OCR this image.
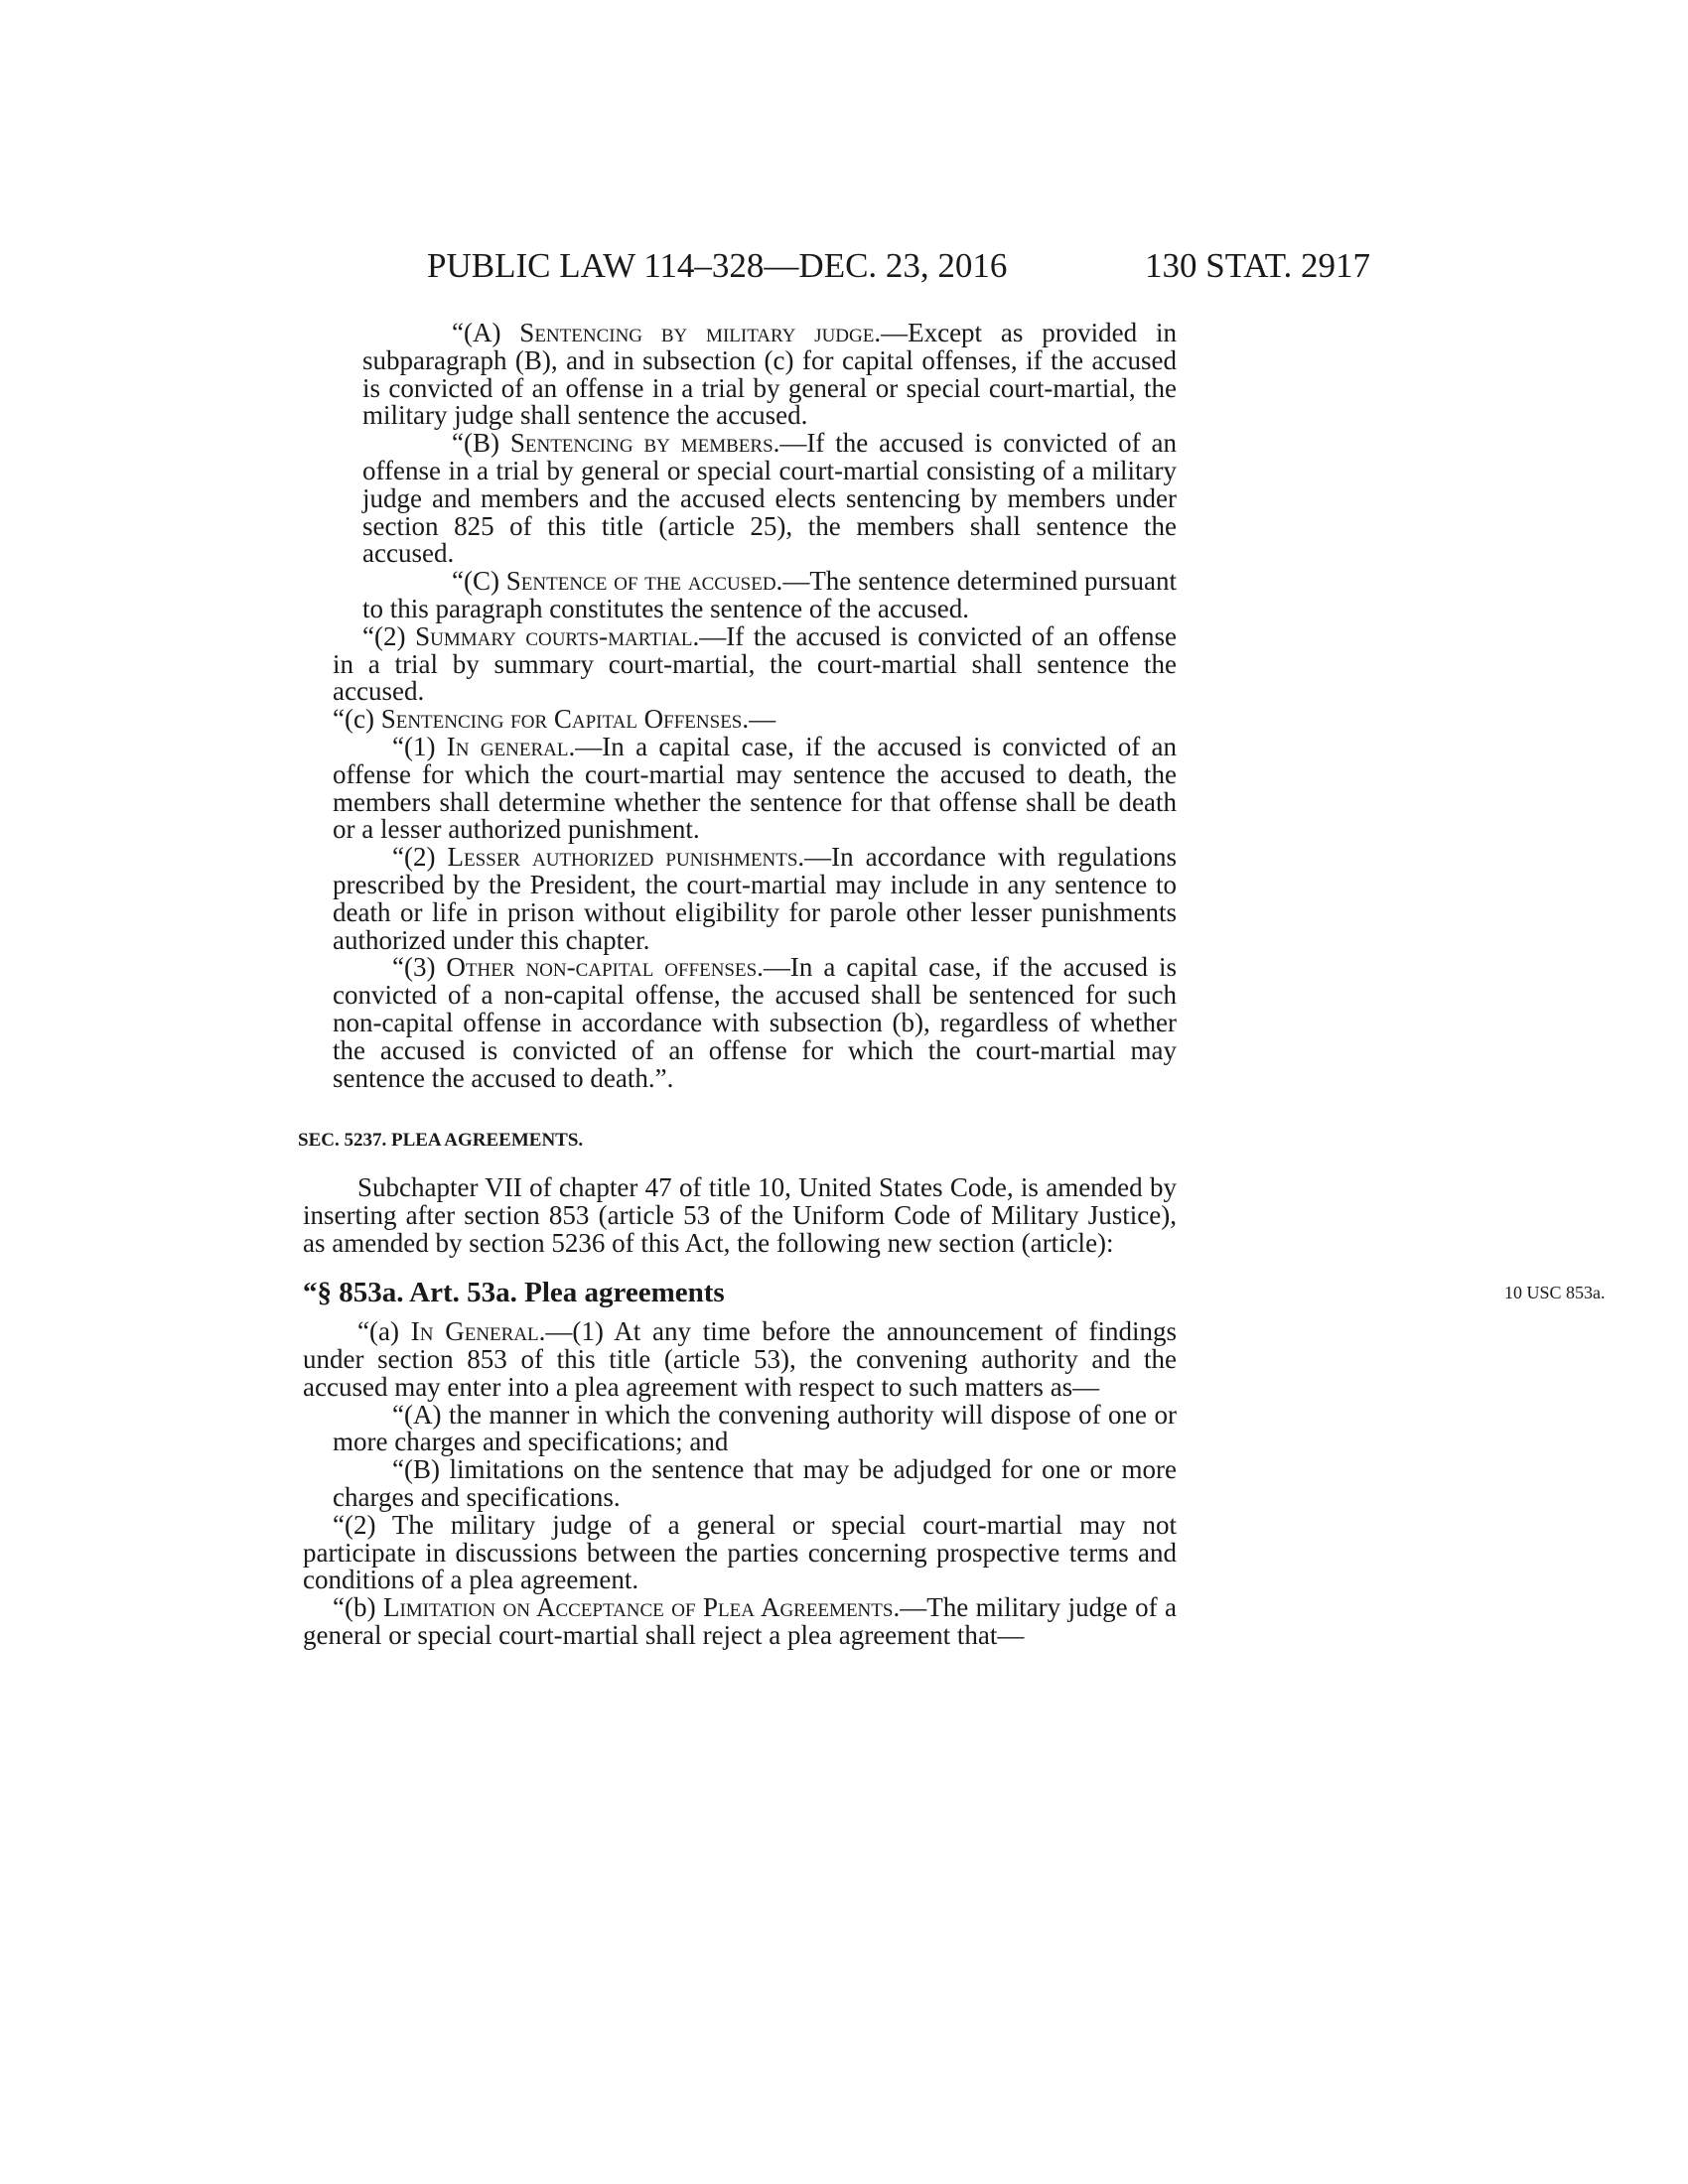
PUBLIC LAW 114–328—DEC. 23, 2016	130 STAT. 2917

“(A) Sentencing by military judge.—Except as provided in subparagraph (B), and in subsection (c) for capital offenses, if the accused is convicted of an offense in a trial by general or special court-martial, the military judge shall sentence the accused.

“(B) Sentencing by members.—If the accused is convicted of an offense in a trial by general or special court-martial consisting of a military judge and members and the accused elects sentencing by members under section 825 of this title (article 25), the members shall sentence the accused.

“(C) Sentence of the accused.—The sentence determined pursuant to this paragraph constitutes the sentence of the accused.

“(2) Summary courts-martial.—If the accused is convicted of an offense in a trial by summary court-martial, the court-martial shall sentence the accused.

“(c) Sentencing for Capital Offenses.—

“(1) In general.—In a capital case, if the accused is convicted of an offense for which the court-martial may sentence the accused to death, the members shall determine whether the sentence for that offense shall be death or a lesser authorized punishment.

“(2) Lesser authorized punishments.—In accordance with regulations prescribed by the President, the court-martial may include in any sentence to death or life in prison without eligibility for parole other lesser punishments authorized under this chapter.

“(3) Other non-capital offenses.—In a capital case, if the accused is convicted of a non-capital offense, the accused shall be sentenced for such non-capital offense in accordance with subsection (b), regardless of whether the accused is convicted of an offense for which the court-martial may sentence the accused to death.”.

SEC. 5237. PLEA AGREEMENTS.

Subchapter VII of chapter 47 of title 10, United States Code, is amended by inserting after section 853 (article 53 of the Uniform Code of Military Justice), as amended by section 5236 of this Act, the following new section (article):

“§ 853a. Art. 53a. Plea agreements	10 USC 853a.

“(a) In General.—(1) At any time before the announcement of findings under section 853 of this title (article 53), the convening authority and the accused may enter into a plea agreement with respect to such matters as—

“(A) the manner in which the convening authority will dispose of one or more charges and specifications; and

“(B) limitations on the sentence that may be adjudged for one or more charges and specifications.

“(2) The military judge of a general or special court-martial may not participate in discussions between the parties concerning prospective terms and conditions of a plea agreement.

“(b) Limitation on Acceptance of Plea Agreements.—The military judge of a general or special court-martial shall reject a plea agreement that—
